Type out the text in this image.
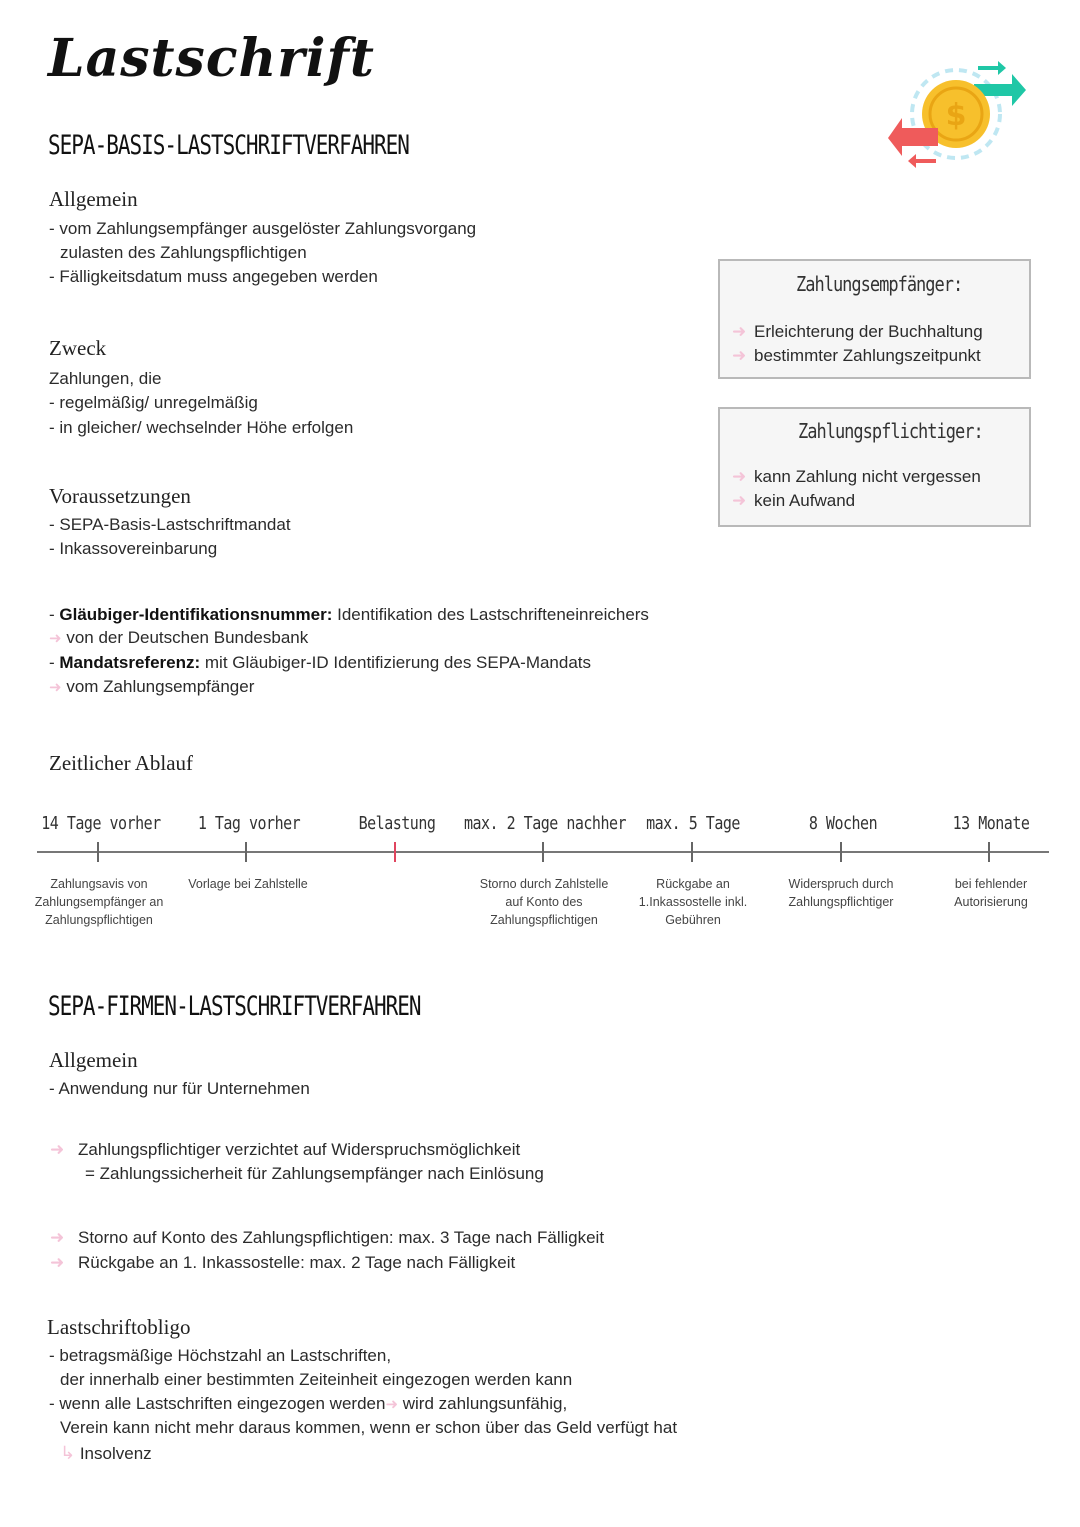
Lastschrift
$
SEPA-BASIS-LASTSCHRIFTVERFAHREN
Allgemein
- vom Zahlungsempfänger ausgelöster Zahlungsvorgang
zulasten des Zahlungspflichtigen
- Fälligkeitsdatum muss angegeben werden
Zweck
Zahlungen, die
- regelmäßig/ unregelmäßig
- in gleicher/ wechselnder Höhe erfolgen
Voraussetzungen
- SEPA-Basis-Lastschriftmandat
- Inkassovereinbarung
- Gläubiger-Identifikationsnummer: Identifikation des Lastschrifteneinreichers
➜ von der Deutschen Bundesbank
- Mandatsreferenz: mit Gläubiger-ID Identifizierung des SEPA-Mandats
➜ vom Zahlungsempfänger
Zahlungsempfänger:
➜ Erleichterung der Buchhaltung
➜ bestimmter Zahlungszeitpunkt
Zahlungspflichtiger:
➜ kann Zahlung nicht vergessen
➜ kein Aufwand
Zeitlicher Ablauf
14 Tage vorher
Zahlungsavis von
Zahlungsempfänger an
Zahlungspflichtigen
1 Tag vorher
Vorlage bei Zahlstelle
Belastung max. 2 Tage nachher
Storno durch Zahlstelle
auf Konto des
Zahlungspflichtigen
max. 5 Tage
Rückgabe an
1.Inkassostelle inkl.
Gebühren
8 Wochen
Widerspruch durch
Zahlungspflichtiger
13 Monate
bei fehlender
Autorisierung
SEPA-FIRMEN-LASTSCHRIFTVERFAHREN
Allgemein
- Anwendung nur für Unternehmen
➜ Zahlungspflichtiger verzichtet auf Widerspruchsmöglichkeit
= Zahlungssicherheit für Zahlungsempfänger nach Einlösung
➜ Storno auf Konto des Zahlungspflichtigen: max. 3 Tage nach Fälligkeit
➜ Rückgabe an 1. Inkassostelle: max. 2 Tage nach Fälligkeit
Lastschriftobligo
- betragsmäßige Höchstzahl an Lastschriften,
der innerhalb einer bestimmten Zeiteinheit eingezogen werden kann
- wenn alle Lastschriften eingezogen werden➜ wird zahlungsunfähig,
Verein kann nicht mehr daraus kommen, wenn er schon über das Geld verfügt hat
↳ Insolvenz
